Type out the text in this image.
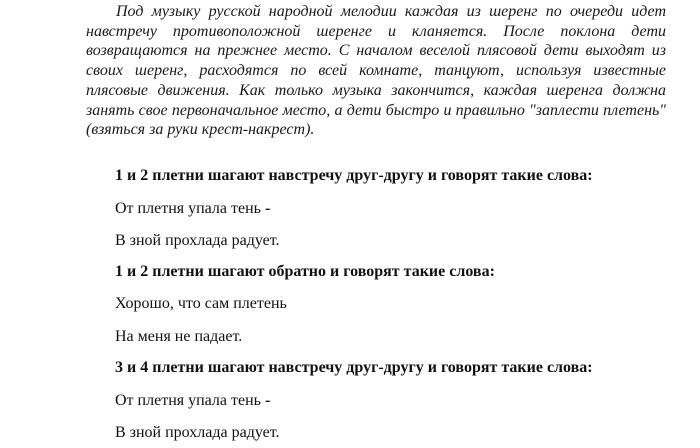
Под музыку русской народной мелодии каждая из шеренг по очереди идет навстречу противоположной шеренге и кланяется. После поклона дети возвращаются на прежнее место. С началом веселой плясовой дети выходят из своих шеренг, расходятся по всей комнате, танцуют, используя известные плясовые движения. Как только музыка закончится, каждая шеренга должна занять свое первоначальное место, а дети быстро и правильно "заплести плетень" (взяться за руки крест-накрест).

1 и 2 плетни шагают навстречу друг-другу и говорят такие слова:

От плетня упала тень -

В зной прохлада радует.

1 и 2 плетни шагают обратно и говорят такие слова:

Хорошо, что сам плетень

На меня не падает.

3 и 4 плетни шагают навстречу друг-другу и говорят такие слова:

От плетня упала тень -

В зной прохлада радует.
